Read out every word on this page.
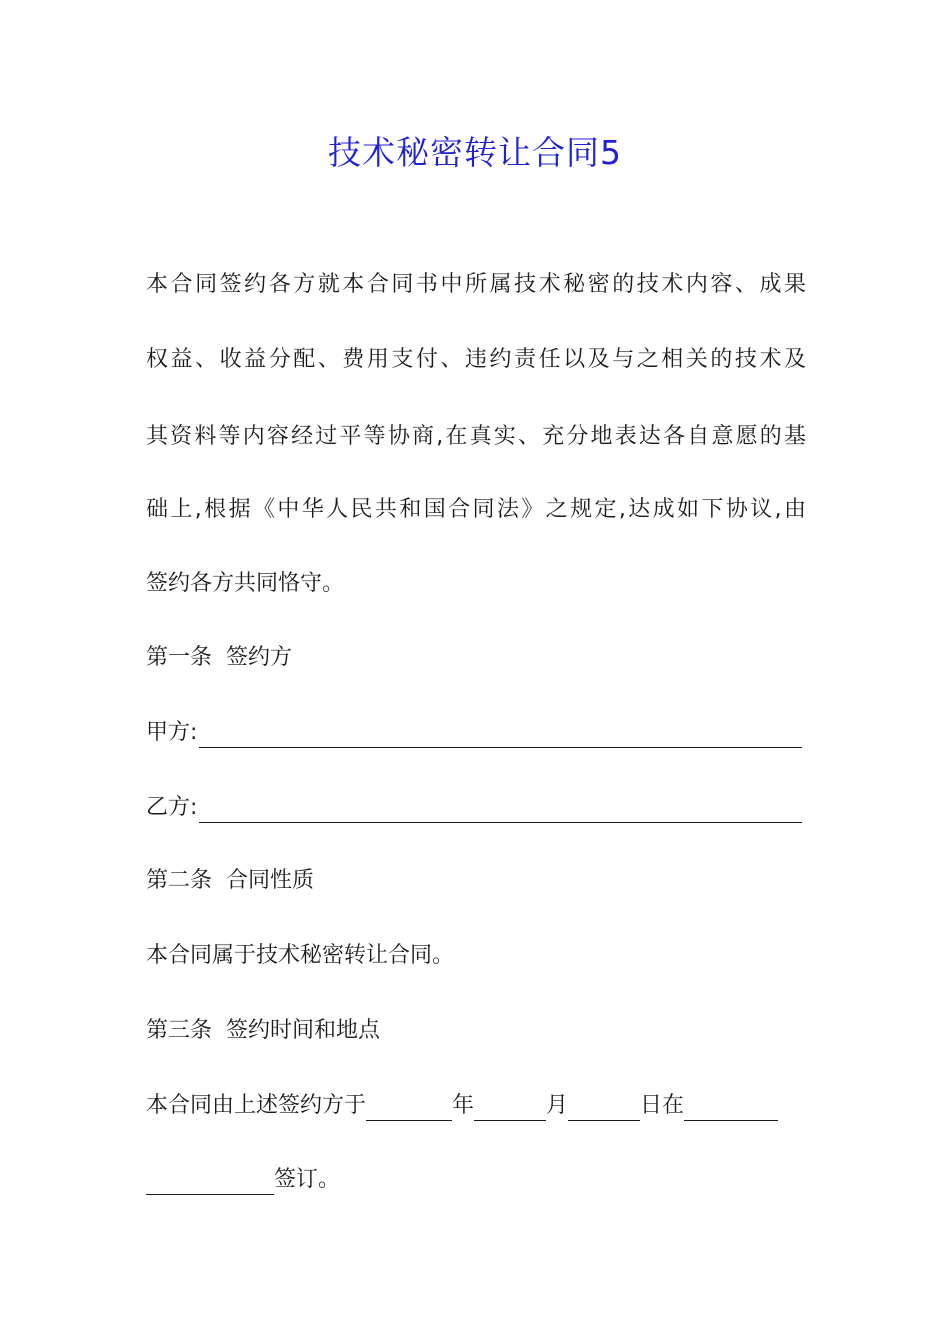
技术秘密转让合同5

本合同签约各方就本合同书中所属技术秘密的技术内容、成果

权益、收益分配、费用支付、违约责任以及与之相关的技术及

其资料等内容经过平等协商,在真实、充分地表达各自意愿的基

础上,根据《中华人民共和国合同法》之规定,达成如下协议,由

签约各方共同恪守。

第一条  签约方

甲方:
乙方:

第二条  合同性质

本合同属于技术秘密转让合同。

第三条  签约时间和地点

本合同由上述签约方于	年	月	日在
签订。
